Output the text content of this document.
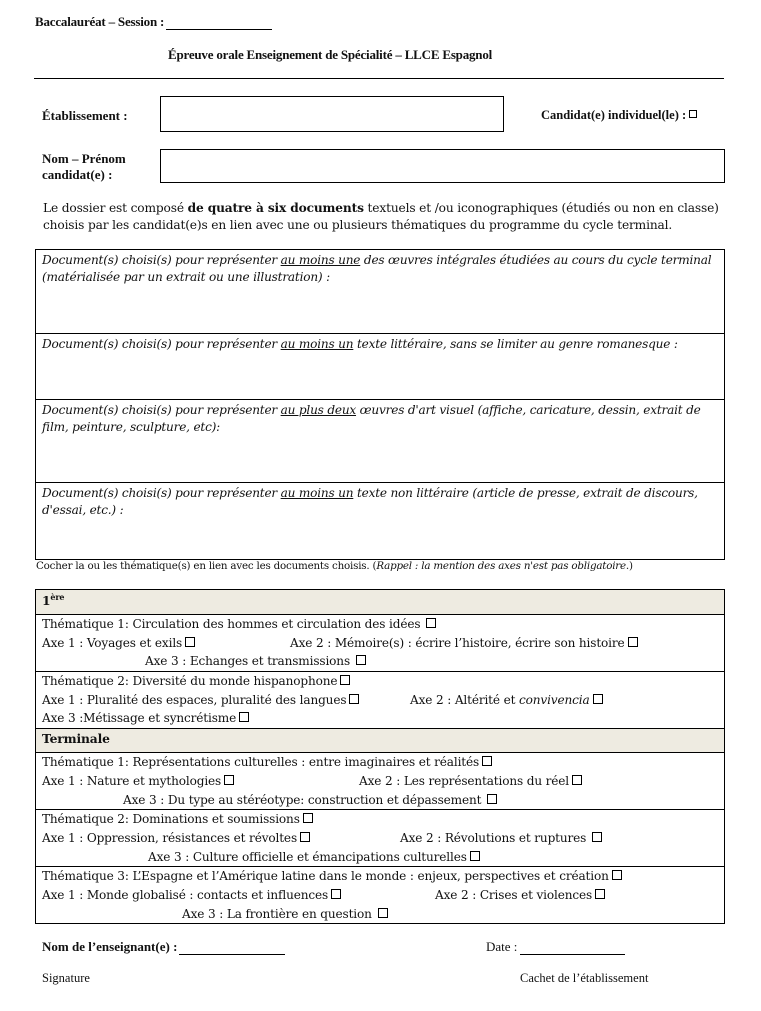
Baccalauréat – Session :
Épreuve orale Enseignement de Spécialité – LLCE Espagnol
Établissement :	Candidat(e) individuel(le) :
Nom – Prénom
candidat(e) :
Le dossier est composé de quatre à six documents textuels et /ou iconographiques (étudiés ou non en classe) choisis par les candidat(e)s en lien avec une ou plusieurs thématiques du programme du cycle terminal.
Document(s) choisi(s) pour représenter au moins une des œuvres intégrales étudiées au cours du cycle terminal (matérialisée par un extrait ou une illustration) :
Document(s) choisi(s) pour représenter au moins un texte littéraire, sans se limiter au genre romanesque :
Document(s) choisi(s) pour représenter au plus deux œuvres d'art visuel (affiche, caricature, dessin, extrait de film, peinture, sculpture, etc):
Document(s) choisi(s) pour représenter au moins un texte non littéraire (article de presse, extrait de discours, d'essai, etc.) :
Cocher la ou les thématique(s) en lien avec les documents choisis. (Rappel : la mention des axes n'est pas obligatoire.)
1ère
Thématique 1: Circulation des hommes et circulation des idées
Axe 1 : Voyages et exils	Axe 2 : Mémoire(s) : écrire l’histoire, écrire son histoire
Axe 3 : Echanges et transmissions
Thématique 2: Diversité du monde hispanophone
Axe 1 : Pluralité des espaces, pluralité des langues	Axe 2 : Altérité et convivencia
Axe 3 :Métissage et syncrétisme
Terminale
Thématique 1: Représentations culturelles : entre imaginaires et réalités
Axe 1 : Nature et mythologies	Axe 2 : Les représentations du réel
Axe 3 : Du type au stéréotype: construction et dépassement
Thématique 2: Dominations et soumissions
Axe 1 : Oppression, résistances et révoltes	Axe 2 : Révolutions et ruptures
Axe 3 : Culture officielle et émancipations culturelles
Thématique 3: L’Espagne et l’Amérique latine dans le monde : enjeux, perspectives et création
Axe 1 : Monde globalisé : contacts et influences	Axe 2 : Crises et violences
Axe 3 : La frontière en question
Nom de l’enseignant(e) :	Date :
Signature	Cachet de l’établissement
